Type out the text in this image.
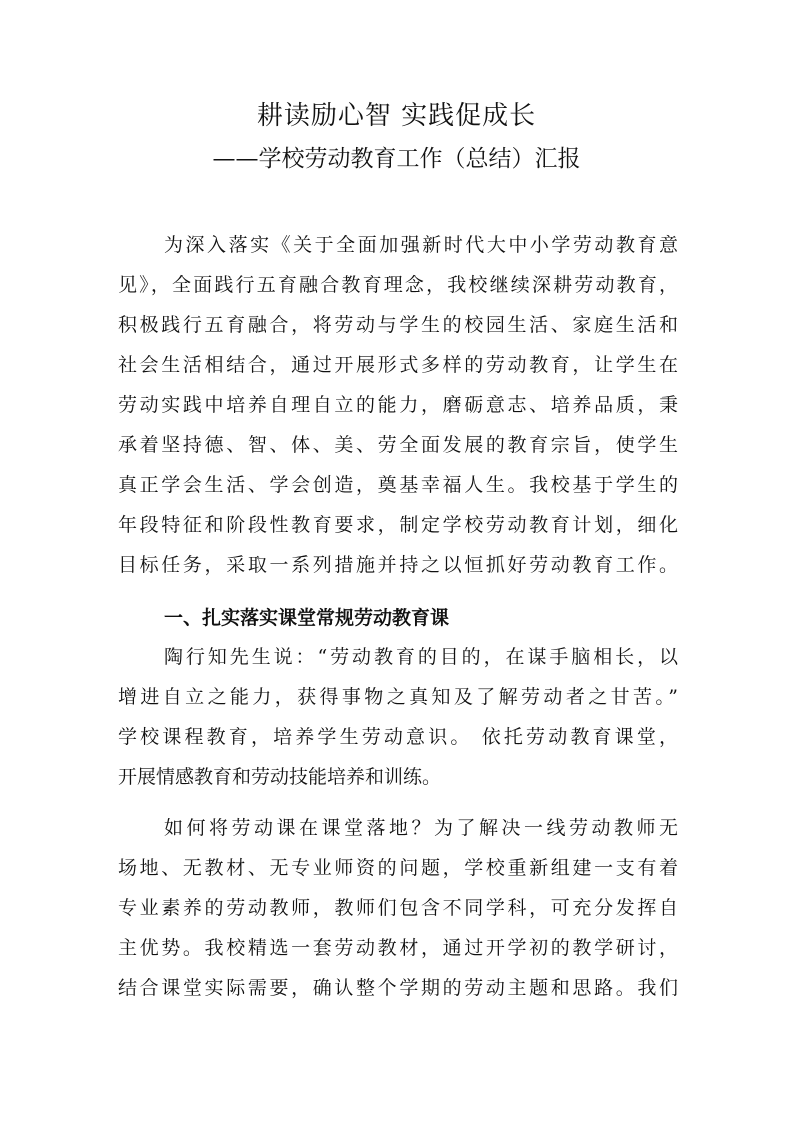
耕读励心智 实践促成长
——学校劳动教育工作（总结）汇报
为深入落实《关于全面加强新时代大中小学劳动教育意
见》，全面践行五育融合教育理念，我校继续深耕劳动教育，
积极践行五育融合，将劳动与学生的校园生活、家庭生活和
社会生活相结合，通过开展形式多样的劳动教育，让学生在
劳动实践中培养自理自立的能力，磨砺意志、培养品质，秉
承着坚持德、智、体、美、劳全面发展的教育宗旨，使学生
真正学会生活、学会创造，奠基幸福人生。我校基于学生的
年段特征和阶段性教育要求，制定学校劳动教育计划，细化
目标任务，采取一系列措施并持之以恒抓好劳动教育工作。
一、扎实落实课堂常规劳动教育课
陶行知先生说：“劳动教育的目的，在谋手脑相长，以
增进自立之能力，获得事物之真知及了解劳动者之甘苦。”
学校课程教育，培养学生劳动意识。 依托劳动教育课堂，
开展情感教育和劳动技能培养和训练。
如何将劳动课在课堂落地？为了解决一线劳动教师无
场地、无教材、无专业师资的问题，学校重新组建一支有着
专业素养的劳动教师，教师们包含不同学科，可充分发挥自
主优势。我校精选一套劳动教材，通过开学初的教学研讨，
结合课堂实际需要，确认整个学期的劳动主题和思路。我们
